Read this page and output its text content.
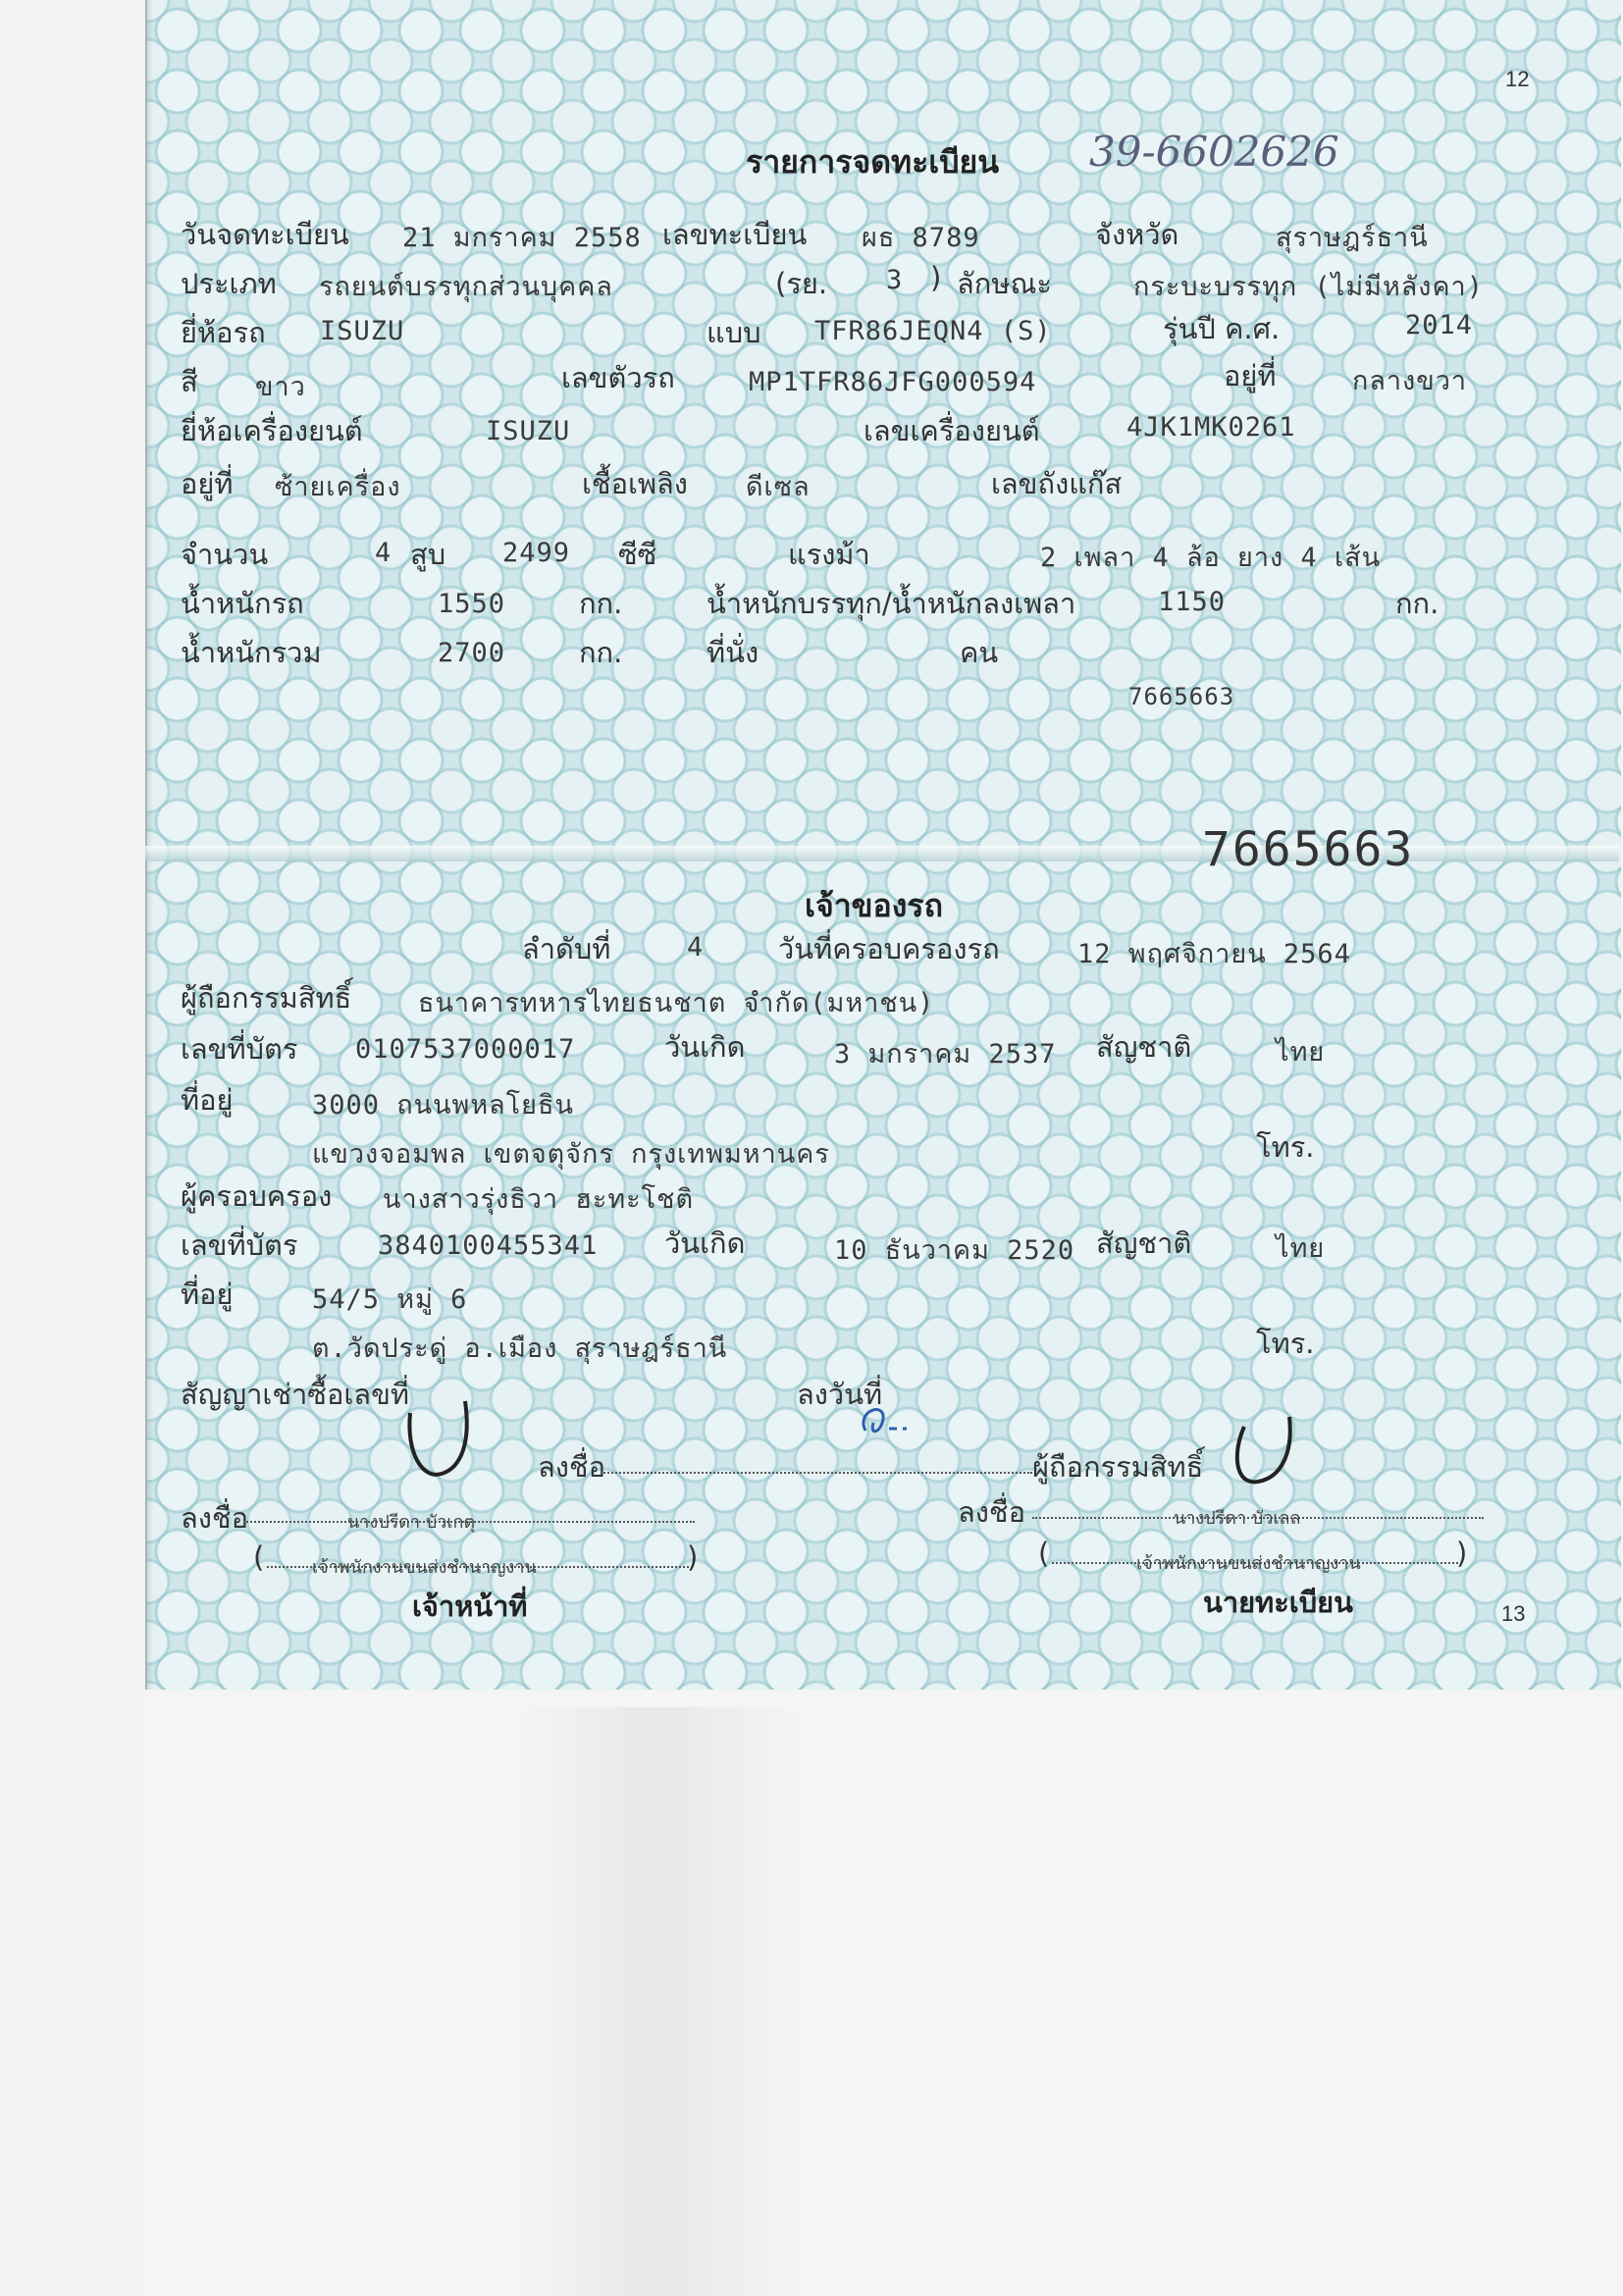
12
รายการจดทะเบียน 39-6602626
วันจดทะเบียน 21 มกราคม 2558 เลขทะเบียน ผธ 8789	จังหวัด	สุราษฎร์ธานี
ประเภท รถยนต์บรรทุกส่วนบุคคล	(รย. 3 ) ลักษณะ	กระบะบรรทุก (ไม่มีหลังคา)
ยี่ห้อรถ ISUZU	แบบ TFR86JEQN4 (S)	รุ่นปี ค.ศ.	2014
สี ขาว	เลขตัวรถ	MP1TFR86JFG000594	อยู่ที่	กลางขวา
ยี่ห้อเครื่องยนต์	ISUZU	เลขเครื่องยนต์	4JK1MK0261
อยู่ที่ ซ้ายเครื่อง	เชื้อเพลิง ดีเซล	เลขถังแก๊ส
จำนวน	4 สูบ 2499 ซีซี	แรงม้า	2 เพลา 4 ล้อ ยาง 4 เส้น
น้ำหนักรถ	1550	กก.	น้ำหนักบรรทุก/น้ำหนักลงเพลา	1150	กก.
น้ำหนักรวม	2700	กก.	ที่นั่ง	คน
7665663
7665663
เจ้าของรถ
ลำดับที่	4	วันที่ครอบครองรถ	12 พฤศจิกายน 2564
ผู้ถือกรรมสิทธิ์	ธนาคารทหารไทยธนชาต จำกัด(มหาชน)
เลขที่บัตร 0107537000017	วันเกิด	3 มกราคม 2537 สัญชาติ	ไทย
ที่อยู่	3000 ถนนพหลโยธิน
แขวงจอมพล เขตจตุจักร กรุงเทพมหานคร	โทร.
ผู้ครอบครอง นางสาวรุ่งธิวา ฮะทะโชติ
เลขที่บัตร	3840100455341 วันเกิด	10 ธันวาคม 2520 สัญชาติ	ไทย
ที่อยู่	54/5 หมู่ 6
ต.วัดประดู่ อ.เมือง สุราษฎร์ธานี	โทร.
สัญญาเช่าซื้อเลขที่	ลงวันที่
ลงชื่อ	ผู้ถือกรรมสิทธิ์
ลงชื่อ	นางปรีดา บัวเกตุ
(	เจ้าพนักงานขนส่งชำนาญงาน	)
เจ้าหน้าที่
ลงชื่อ	นางปรีดา บัวเลล
(	เจ้าพนักงานขนส่งชำนาญงาน	)
นายทะเบียน	13
